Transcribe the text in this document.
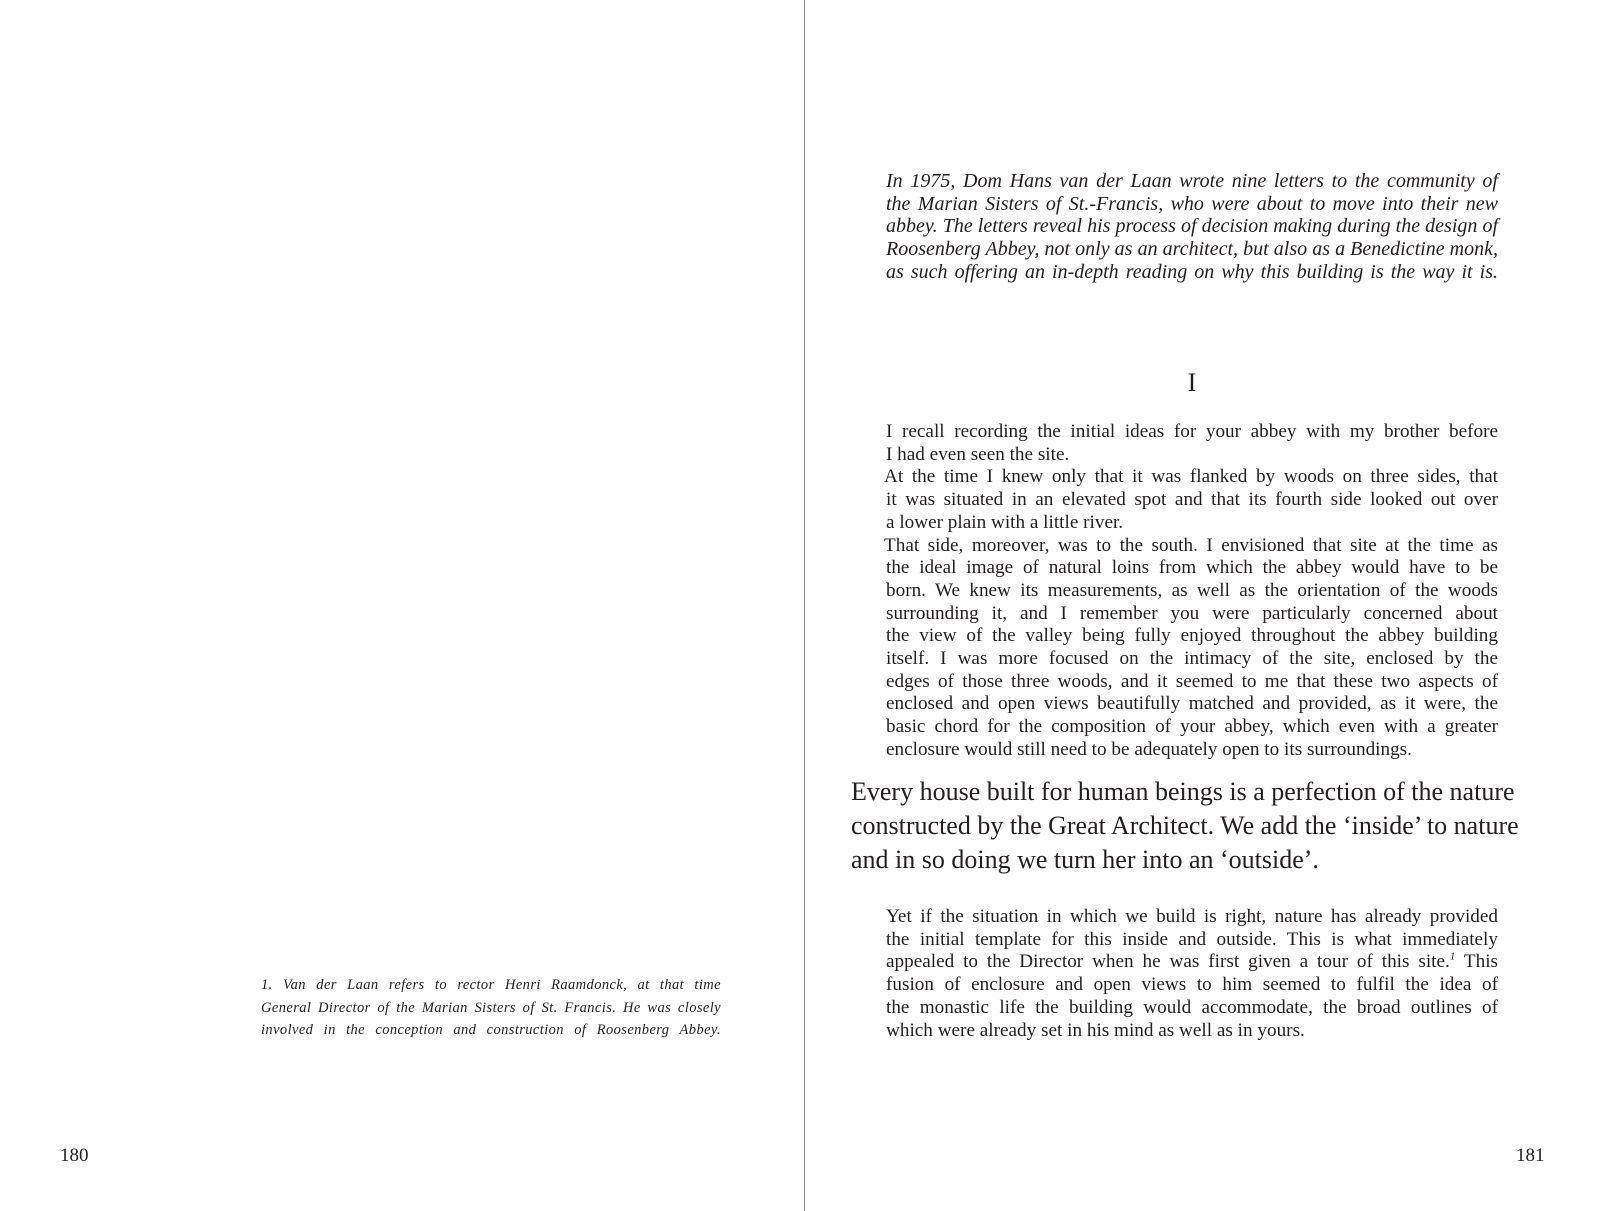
1. Van der Laan refers to rector Henri Raamdonck, at that time
General Director of the Marian Sisters of St. Francis. He was closely
involved in the conception and construction of Roosenberg Abbey.

180

In 1975, Dom Hans van der Laan wrote nine letters to the community of
the Marian Sisters of St.-Francis, who were about to move into their new
abbey. The letters reveal his process of decision making during the design of
Roosenberg Abbey, not only as an architect, but also as a Benedictine monk,
as such offering an in-depth reading on why this building is the way it is.

I
I recall recording the initial ideas for your abbey with my brother before
I had even seen the site.
At the time I knew only that it was flanked by woods on three sides, that
it was situated in an elevated spot and that its fourth side looked out over
a lower plain with a little river.
That side, moreover, was to the south. I envisioned that site at the time as
the ideal image of natural loins from which the abbey would have to be
born. We knew its measurements, as well as the orientation of the woods
surrounding it, and I remember you were particularly concerned about
the view of the valley being fully enjoyed throughout the abbey building
itself. I was more focused on the intimacy of the site, enclosed by the
edges of those three woods, and it seemed to me that these two aspects of
enclosed and open views beautifully matched and provided, as it were, the
basic chord for the composition of your abbey, which even with a greater
enclosure would still need to be adequately open to its surroundings.
Every house built for human beings is a perfection of the nature
constructed by the Great Architect. We add the ‘inside’ to nature
and in so doing we turn her into an ‘outside’.
Yet if the situation in which we build is right, nature has already provided
the initial template for this inside and outside. This is what immediately
appealed to the Director when he was first given a tour of this site.$^1$ This
fusion of enclosure and open views to him seemed to fulfil the idea of
the monastic life the building would accommodate, the broad outlines of
which were already set in his mind as well as in yours.

181
